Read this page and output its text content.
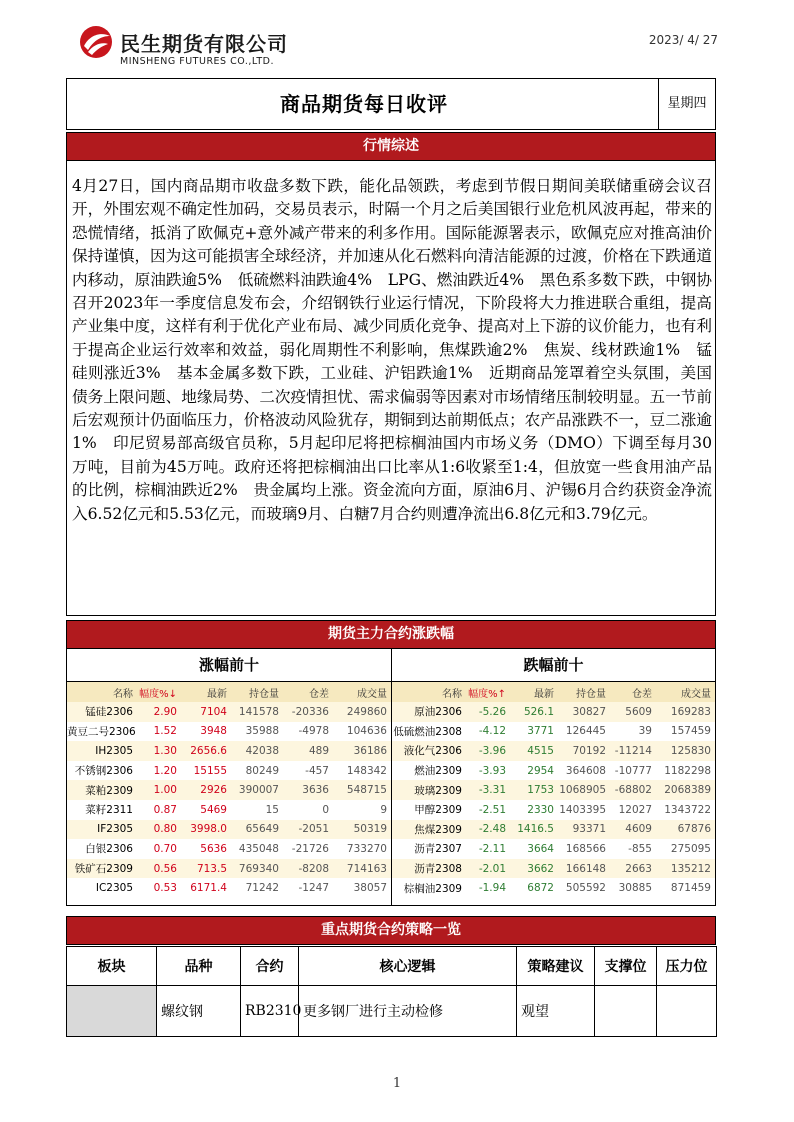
民生期货有限公司
MINSHENG FUTURES CO.,LTD.
2023/ 4/ 27
商品期货每日收评	星期四
行情综述
4月27日，国内商品期市收盘多数下跌，能化品领跌，考虑到节假日期间美联储重磅会议召开，外围宏观不确定性加码，交易员表示，时隔一个月之后美国银行业危机风波再起，带来的恐慌情绪，抵消了欧佩克+意外减产带来的利多作用。国际能源署表示，欧佩克应对推高油价保持谨慎，因为这可能损害全球经济，并加速从化石燃料向清洁能源的过渡，价格在下跌通道内移动，原油跌逾5%　低硫燃料油跌逾4%　LPG、燃油跌近4%　黑色系多数下跌，中钢协召开2023年一季度信息发布会，介绍钢铁行业运行情况，下阶段将大力推进联合重组，提高产业集中度，这样有利于优化产业布局、减少同质化竞争、提高对上下游的议价能力，也有利于提高企业运行效率和效益，弱化周期性不利影响，焦煤跌逾2%　焦炭、线材跌逾1%　锰硅则涨近3%　基本金属多数下跌，工业硅、沪铝跌逾1%　近期商品笼罩着空头氛围，美国债务上限问题、地缘局势、二次疫情担忧、需求偏弱等因素对市场情绪压制较明显。五一节前后宏观预计仍面临压力，价格波动风险犹存，期铜到达前期低点；农产品涨跌不一，豆二涨逾1%　印尼贸易部高级官员称，5月起印尼将把棕榈油国内市场义务（DMO）下调至每月30万吨，目前为45万吨。政府还将把棕榈油出口比率从1:6收紧至1:4，但放宽一些食用油产品的比例，棕榈油跌近2%　贵金属均上涨。资金流向方面，原油6月、沪锡6月合约获资金净流入6.52亿元和5.53亿元，而玻璃9月、白糖7月合约则遭净流出6.8亿元和3.79亿元。
期货主力合约涨跌幅
涨幅前十
名称	幅度%↓	最新	持仓量	仓差	成交量
锰硅2306	2.90	7104	141578	-20336	249860
黄豆二号2306	1.52	3948	35988	-4978	104636
IH2305	1.30	2656.6	42038	489	36186
不锈钢2306	1.20	15155	80249	-457	148342
菜粕2309	1.00	2926	390007	3636	548715
菜籽2311	0.87	5469	15	0	9
IF2305	0.80	3998.0	65649	-2051	50319
白银2306	0.70	5636	435048	-21726	733270
铁矿石2309	0.56	713.5	769340	-8208	714163
IC2305	0.53	6171.4	71242	-1247	38057
跌幅前十
名称	幅度%↑	最新	持仓量	仓差	成交量
原油2306	-5.26	526.1	30827	5609	169283
低硫燃油2308	-4.12	3771	126445	39	157459
液化气2306	-3.96	4515	70192	-11214	125830
燃油2309	-3.93	2954	364608	-10777	1182298
玻璃2309	-3.31	1753	1068905	-68802	2068389
甲醇2309	-2.51	2330	1403395	12027	1343722
焦煤2309	-2.48	1416.5	93371	4609	67876
沥青2307	-2.11	3664	168566	-855	275095
沥青2308	-2.01	3662	166148	2663	135212
棕榈油2309	-1.94	6872	505592	30885	871459
重点期货合约策略一览
板块	品种	合约	核心逻辑	策略建议	支撑位	压力位
	螺纹钢	RB2310	更多钢厂进行主动检修	观望		
1
